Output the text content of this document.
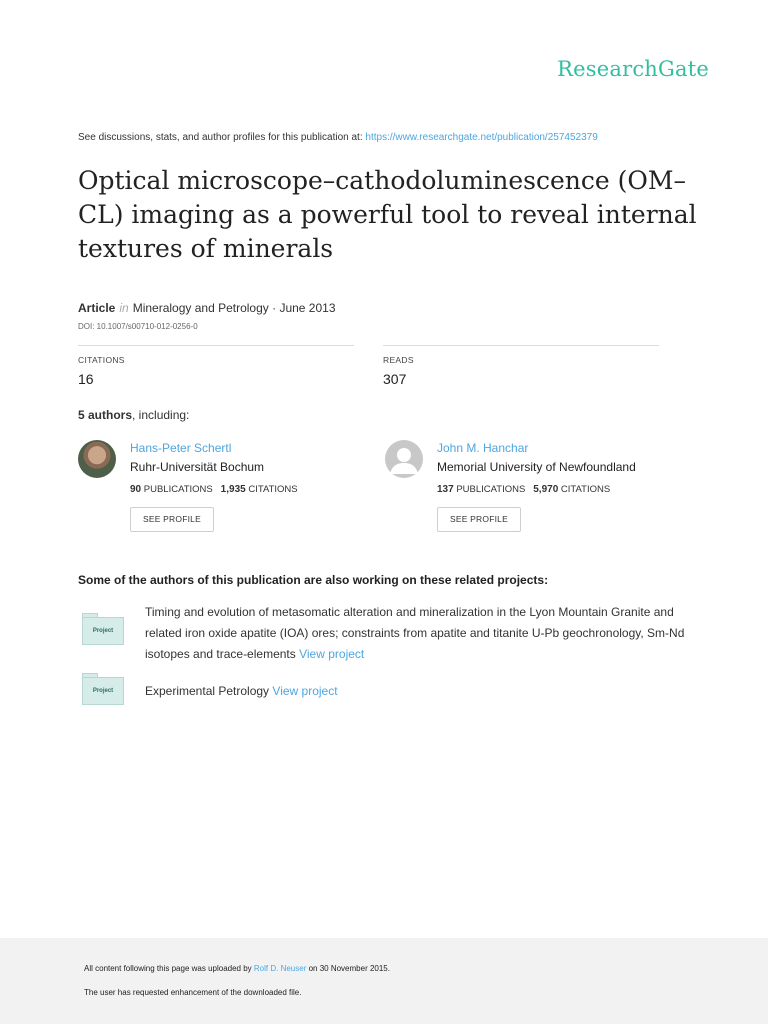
ResearchGate
See discussions, stats, and author profiles for this publication at: https://www.researchgate.net/publication/257452379
Optical microscope–cathodoluminescence (OM–CL) imaging as a powerful tool to reveal internal textures of minerals
Article in Mineralogy and Petrology · June 2013
DOI: 10.1007/s00710-012-0256-0
CITATIONS
16
READS
307
5 authors, including:
Hans-Peter Schertl
Ruhr-Universität Bochum
90 PUBLICATIONS 1,935 CITATIONS
SEE PROFILE
John M. Hanchar
Memorial University of Newfoundland
137 PUBLICATIONS 5,970 CITATIONS
SEE PROFILE
Some of the authors of this publication are also working on these related projects:
Project
Timing and evolution of metasomatic alteration and mineralization in the Lyon Mountain Granite and related iron oxide apatite (IOA) ores; constraints from apatite and titanite U-Pb geochronology, Sm-Nd isotopes and trace-elements View project
Project	Experimental Petrology View project
All content following this page was uploaded by Rolf D. Neuser on 30 November 2015.
The user has requested enhancement of the downloaded file.
